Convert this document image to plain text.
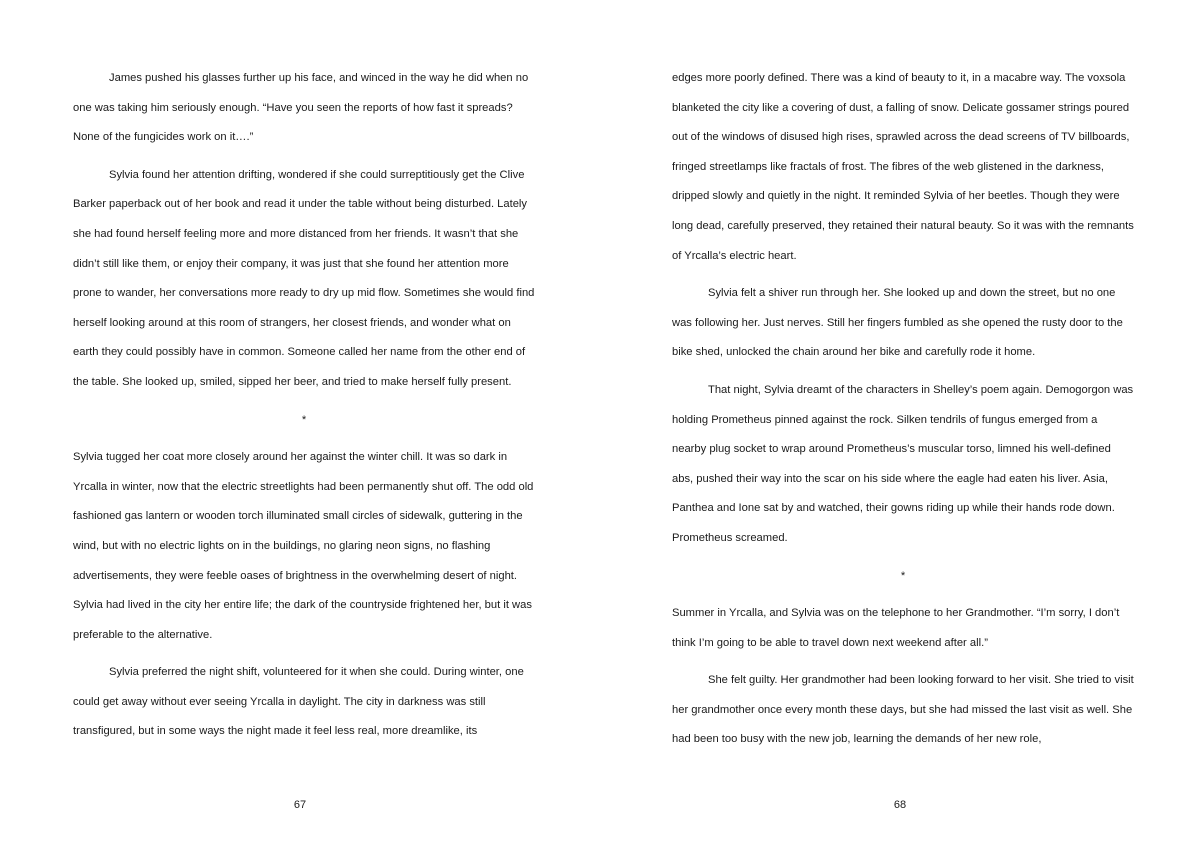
James pushed his glasses further up his face, and winced in the way he did when no one was taking him seriously enough. “Have you seen the reports of how fast it spreads? None of the fungicides work on it….”

Sylvia found her attention drifting, wondered if she could surreptitiously get the Clive Barker paperback out of her book and read it under the table without being disturbed. Lately she had found herself feeling more and more distanced from her friends. It wasn’t that she didn’t still like them, or enjoy their company, it was just that she found her attention more prone to wander, her conversations more ready to dry up mid flow. Sometimes she would find herself looking around at this room of strangers, her closest friends, and wonder what on earth they could possibly have in common. Someone called her name from the other end of the table. She looked up, smiled, sipped her beer, and tried to make herself fully present.

*

Sylvia tugged her coat more closely around her against the winter chill. It was so dark in Yrcalla in winter, now that the electric streetlights had been permanently shut off. The odd old fashioned gas lantern or wooden torch illuminated small circles of sidewalk, guttering in the wind, but with no electric lights on in the buildings, no glaring neon signs, no flashing advertisements, they were feeble oases of brightness in the overwhelming desert of night. Sylvia had lived in the city her entire life; the dark of the countryside frightened her, but it was preferable to the alternative.

Sylvia preferred the night shift, volunteered for it when she could. During winter, one could get away without ever seeing Yrcalla in daylight. The city in darkness was still transfigured, but in some ways the night made it feel less real, more dreamlike, its

67

edges more poorly defined. There was a kind of beauty to it, in a macabre way. The voxsola blanketed the city like a covering of dust, a falling of snow. Delicate gossamer strings poured out of the windows of disused high rises, sprawled across the dead screens of TV billboards, fringed streetlamps like fractals of frost. The fibres of the web glistened in the darkness, dripped slowly and quietly in the night. It reminded Sylvia of her beetles. Though they were long dead, carefully preserved, they retained their natural beauty. So it was with the remnants of Yrcalla’s electric heart.

Sylvia felt a shiver run through her. She looked up and down the street, but no one was following her. Just nerves. Still her fingers fumbled as she opened the rusty door to the bike shed, unlocked the chain around her bike and carefully rode it home.

That night, Sylvia dreamt of the characters in Shelley’s poem again. Demogorgon was holding Prometheus pinned against the rock. Silken tendrils of fungus emerged from a nearby plug socket to wrap around Prometheus’s muscular torso, limned his well-defined abs, pushed their way into the scar on his side where the eagle had eaten his liver. Asia, Panthea and Ione sat by and watched, their gowns riding up while their hands rode down. Prometheus screamed.

*

Summer in Yrcalla, and Sylvia was on the telephone to her Grandmother. “I’m sorry, I don’t think I’m going to be able to travel down next weekend after all.”

She felt guilty. Her grandmother had been looking forward to her visit. She tried to visit her grandmother once every month these days, but she had missed the last visit as well. She had been too busy with the new job, learning the demands of her new role,

68
